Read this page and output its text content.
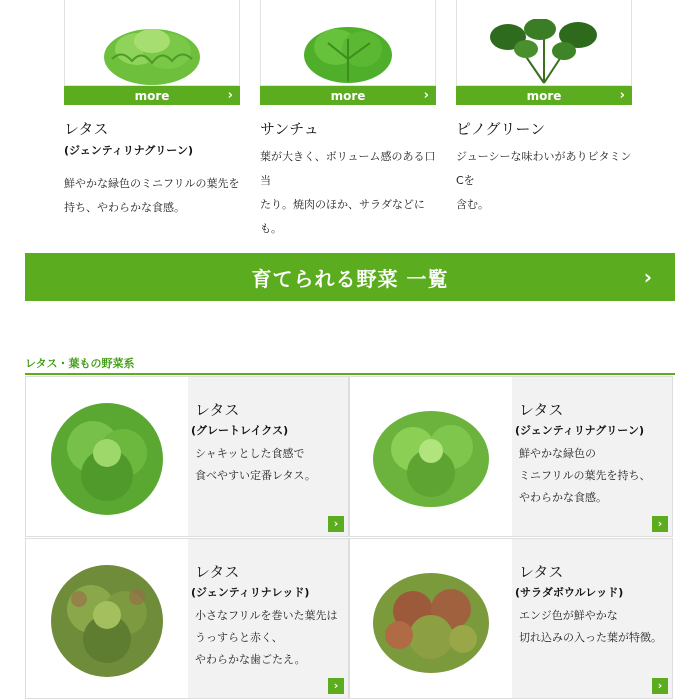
more	›
レタス
(ジェンティリナグリーン)
鮮やかな緑色のミニフリルの葉先を
持ち、やわらかな食感。
more	›
サンチュ
葉が大きく、ボリューム感のある口当
たり。焼肉のほか、サラダなどにも。
more	›
ピノグリーン
ジューシーな味わいがありビタミンCを
含む。
育てられる野菜 一覧	›
レタス・葉もの野菜系
レタス
(グレートレイクス)
シャキッとした食感で
食べやすい定番レタス。
›
レタス
(ジェンティリナグリーン)
鮮やかな緑色の
ミニフリルの葉先を持ち、
やわらかな食感。
›
レタス
(ジェンティリナレッド)
小さなフリルを巻いた葉先は
うっすらと赤く、
やわらかな歯ごたえ。
›
レタス
(サラダボウルレッド)
エンジ色が鮮やかな
切れ込みの入った葉が特徴。
›
